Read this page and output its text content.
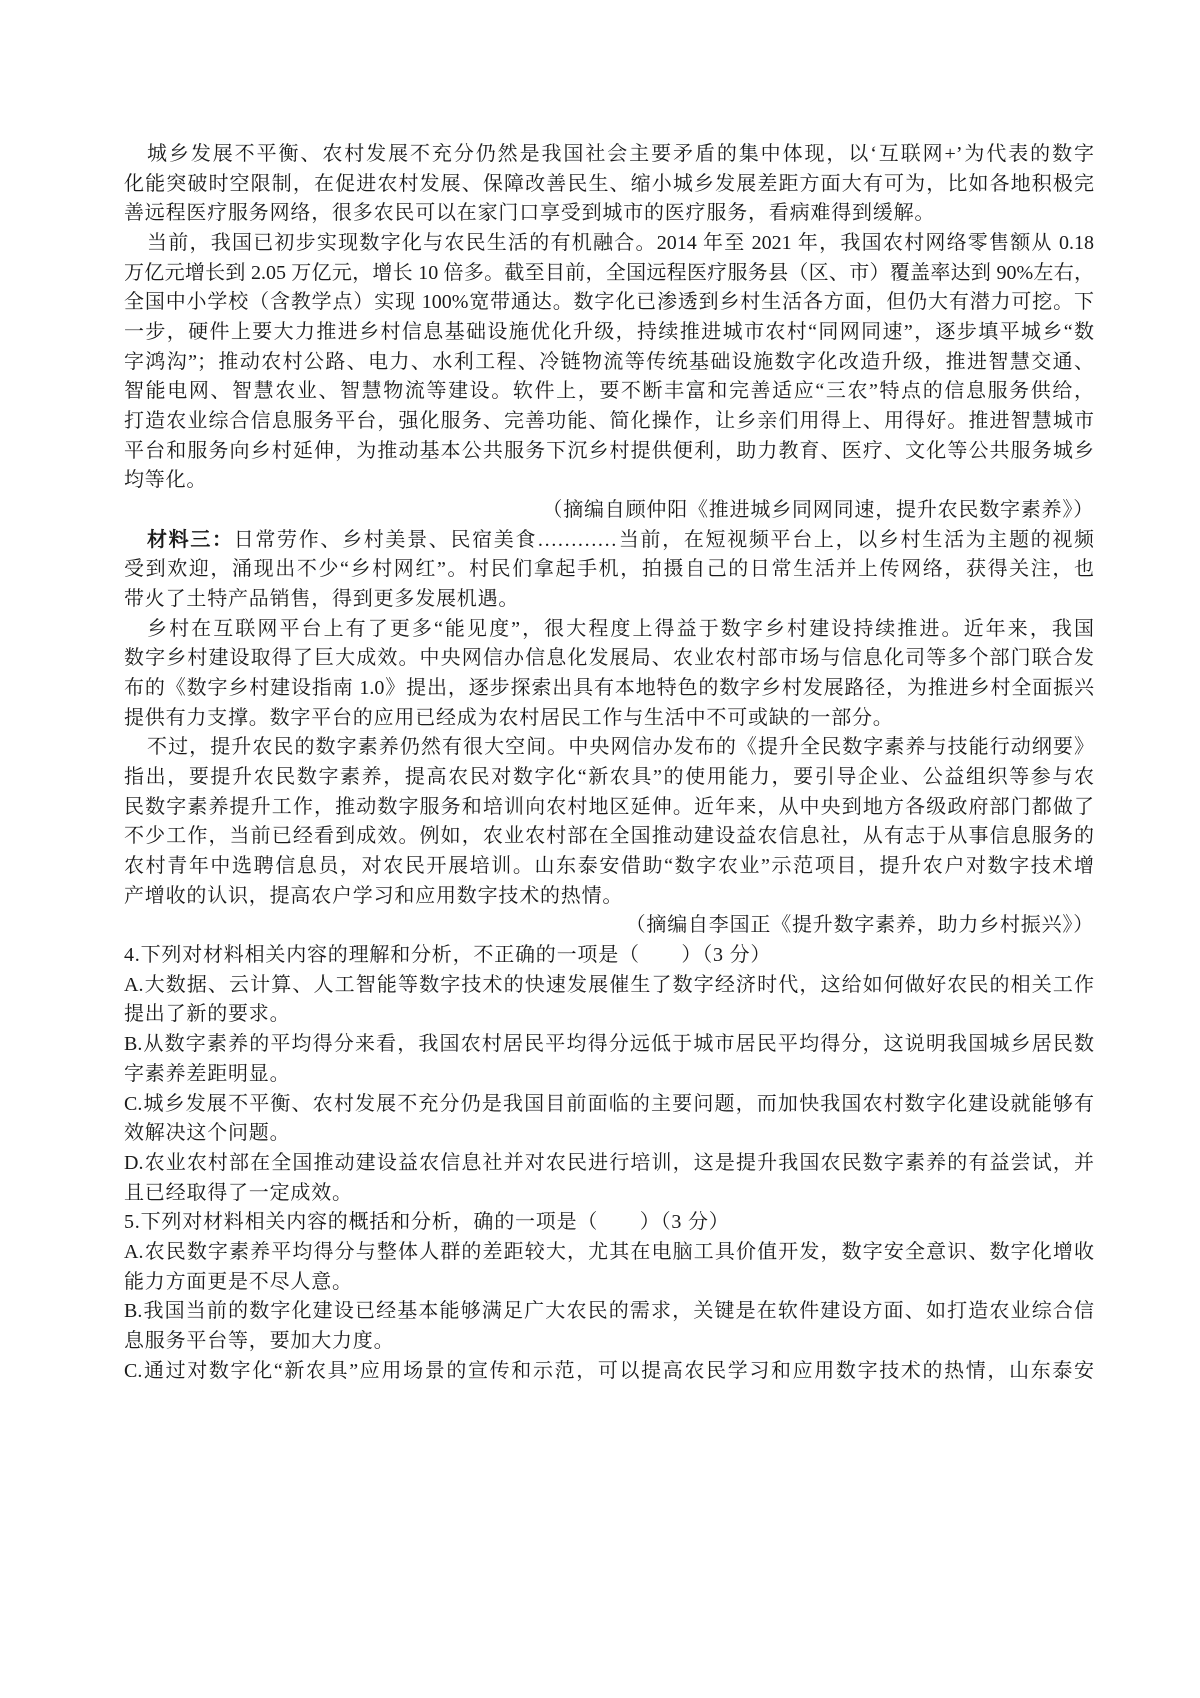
城乡发展不平衡、农村发展不充分仍然是我国社会主要矛盾的集中体现，以‘互联网+’为代表的数字
化能突破时空限制，在促进农村发展、保障改善民生、缩小城乡发展差距方面大有可为，比如各地积极完
善远程医疗服务网络，很多农民可以在家门口享受到城市的医疗服务，看病难得到缓解。
当前，我国已初步实现数字化与农民生活的有机融合。2014 年至 2021 年，我国农村网络零售额从 0.18
万亿元增长到 2.05 万亿元，增长 10 倍多。截至目前，全国远程医疗服务县（区、市）覆盖率达到 90%左右，
全国中小学校（含教学点）实现 100%宽带通达。数字化已渗透到乡村生活各方面，但仍大有潜力可挖。下
一步，硬件上要大力推进乡村信息基础设施优化升级，持续推进城市农村“同网同速”，逐步填平城乡“数
字鸿沟”；推动农村公路、电力、水利工程、冷链物流等传统基础设施数字化改造升级，推进智慧交通、
智能电网、智慧农业、智慧物流等建设。软件上，要不断丰富和完善适应“三农”特点的信息服务供给，
打造农业综合信息服务平台，强化服务、完善功能、简化操作，让乡亲们用得上、用得好。推进智慧城市
平台和服务向乡村延伸，为推动基本公共服务下沉乡村提供便利，助力教育、医疗、文化等公共服务城乡
均等化。
（摘编自顾仲阳《推进城乡同网同速，提升农民数字素养》）
材料三：日常劳作、乡村美景、民宿美食…………当前，在短视频平台上，以乡村生活为主题的视频
受到欢迎，涌现出不少“乡村网红”。村民们拿起手机，拍摄自己的日常生活并上传网络，获得关注，也
带火了土特产品销售，得到更多发展机遇。
乡村在互联网平台上有了更多“能见度”，很大程度上得益于数字乡村建设持续推进。近年来，我国
数字乡村建设取得了巨大成效。中央网信办信息化发展局、农业农村部市场与信息化司等多个部门联合发
布的《数字乡村建设指南 1.0》提出，逐步探索出具有本地特色的数字乡村发展路径，为推进乡村全面振兴
提供有力支撑。数字平台的应用已经成为农村居民工作与生活中不可或缺的一部分。
不过，提升农民的数字素养仍然有很大空间。中央网信办发布的《提升全民数字素养与技能行动纲要》
指出，要提升农民数字素养，提高农民对数字化“新农具”的使用能力，要引导企业、公益组织等参与农
民数字素养提升工作，推动数字服务和培训向农村地区延伸。近年来，从中央到地方各级政府部门都做了
不少工作，当前已经看到成效。例如，农业农村部在全国推动建设益农信息社，从有志于从事信息服务的
农村青年中选聘信息员，对农民开展培训。山东泰安借助“数字农业”示范项目，提升农户对数字技术增
产增收的认识，提高农户学习和应用数字技术的热情。
（摘编自李国正《提升数字素养，助力乡村振兴》）
4.下列对材料相关内容的理解和分析，不正确的一项是（　　）（3 分）
A.大数据、云计算、人工智能等数字技术的快速发展催生了数字经济时代，这给如何做好农民的相关工作
提出了新的要求。
B.从数字素养的平均得分来看，我国农村居民平均得分远低于城市居民平均得分，这说明我国城乡居民数
字素养差距明显。
C.城乡发展不平衡、农村发展不充分仍是我国目前面临的主要问题，而加快我国农村数字化建设就能够有
效解决这个问题。
D.农业农村部在全国推动建设益农信息社并对农民进行培训，这是提升我国农民数字素养的有益尝试，并
且已经取得了一定成效。
5.下列对材料相关内容的概括和分析，确的一项是（　　）（3 分）
A.农民数字素养平均得分与整体人群的差距较大，尤其在电脑工具价值开发，数字安全意识、数字化增收
能力方面更是不尽人意。
B.我国当前的数字化建设已经基本能够满足广大农民的需求，关键是在软件建设方面、如打造农业综合信
息服务平台等，要加大力度。
C.通过对数字化“新农具”应用场景的宣传和示范，可以提高农民学习和应用数字技术的热情，山东泰安
